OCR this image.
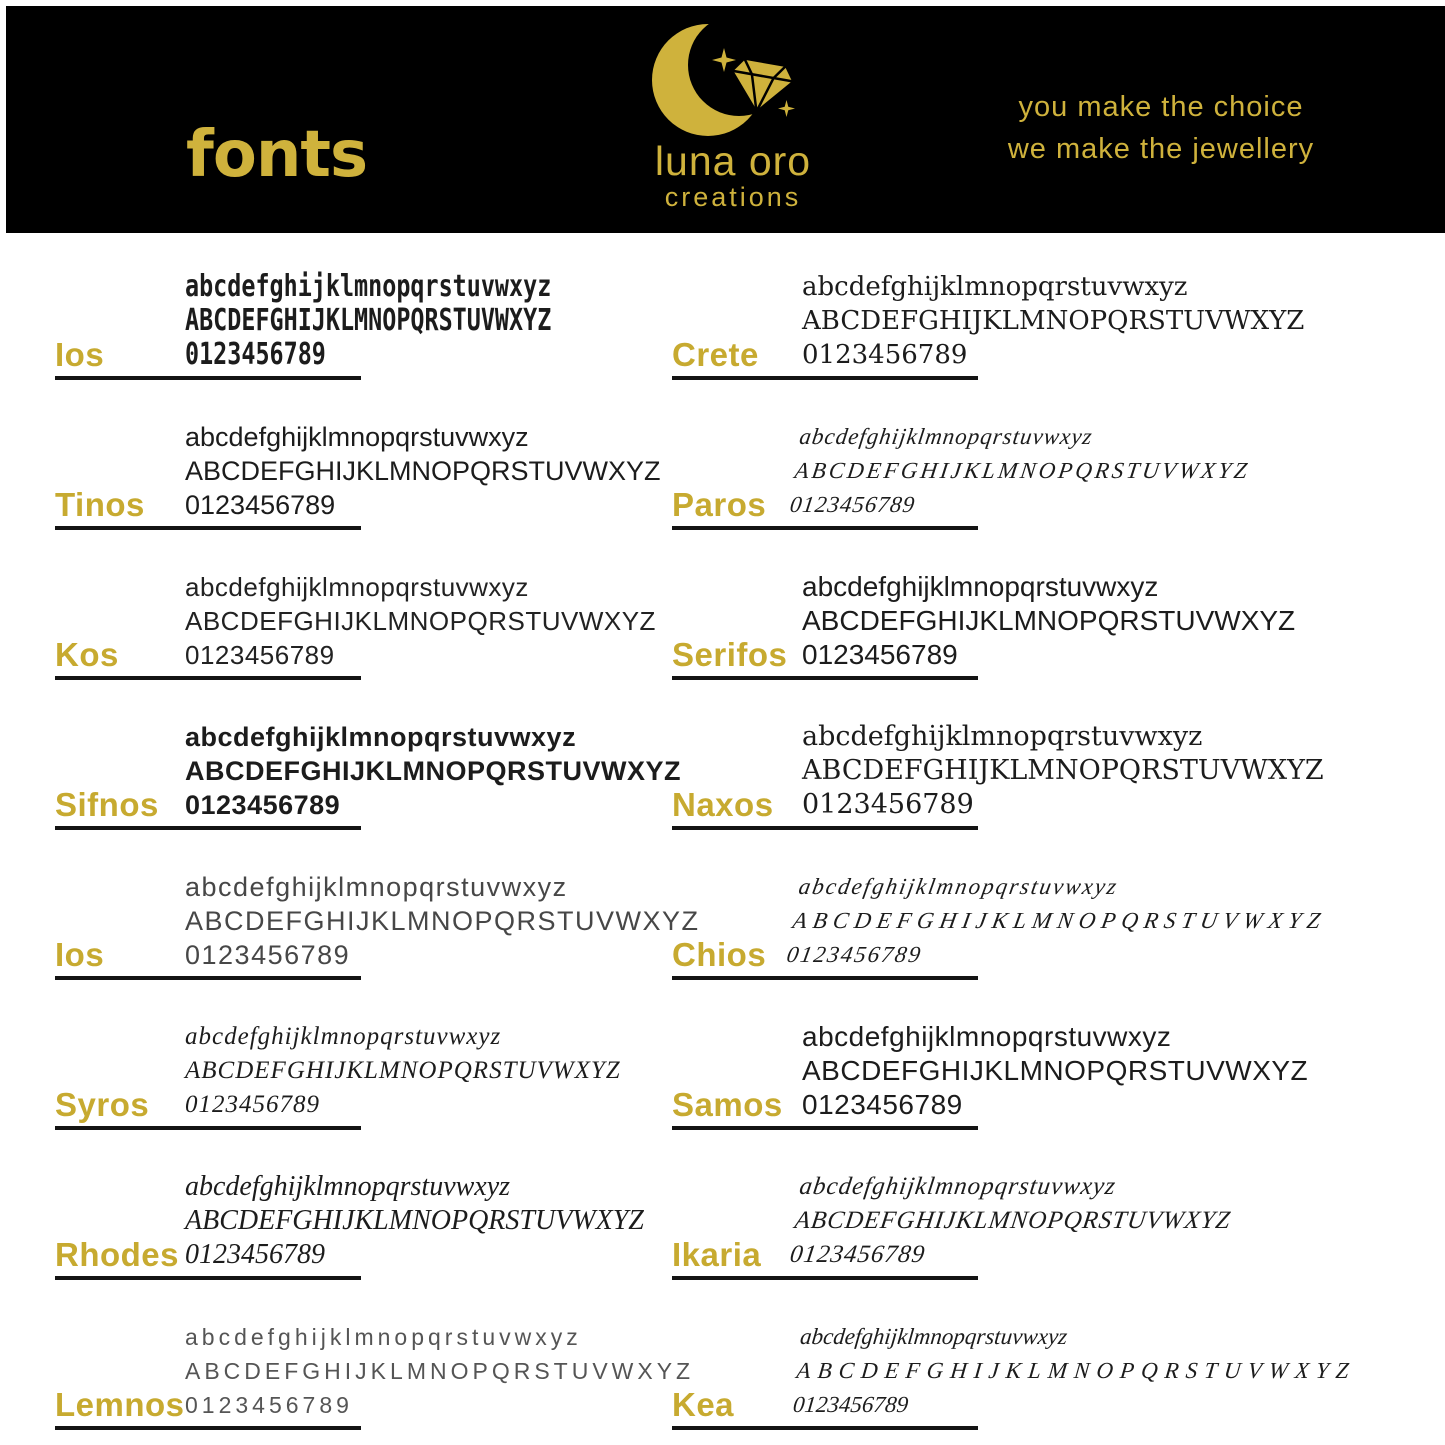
fonts	luna oro
creations
you make the choice
we make the jewellery
abcdefghijklmnopqrstuvwxyz
ABCDEFGHIJKLMNOPQRSTUVWXYZ
0123456789
Ios
abcdefghijklmnopqrstuvwxyz
ABCDEFGHIJKLMNOPQRSTUVWXYZ
0123456789
Tinos
abcdefghijklmnopqrstuvwxyz
ABCDEFGHIJKLMNOPQRSTUVWXYZ
0123456789
Kos
abcdefghijklmnopqrstuvwxyz
ABCDEFGHIJKLMNOPQRSTUVWXYZ
0123456789
Sifnos
abcdefghijklmnopqrstuvwxyz
ABCDEFGHIJKLMNOPQRSTUVWXYZ
0123456789
Ios
abcdefghijklmnopqrstuvwxyz
ABCDEFGHIJKLMNOPQRSTUVWXYZ
0123456789
Syros
abcdefghijklmnopqrstuvwxyz
ABCDEFGHIJKLMNOPQRSTUVWXYZ
0123456789
Rhodes
abcdefghijklmnopqrstuvwxyz
ABCDEFGHIJKLMNOPQRSTUVWXYZ
0123456789
Lemnos
abcdefghijklmnopqrstuvwxyz
ABCDEFGHIJKLMNOPQRSTUVWXYZ
0123456789
Crete
abcdefghijklmnopqrstuvwxyz
ABCDEFGHIJKLMNOPQRSTUVWXYZ
0123456789
Paros
abcdefghijklmnopqrstuvwxyz
ABCDEFGHIJKLMNOPQRSTUVWXYZ
0123456789
Serifos
abcdefghijklmnopqrstuvwxyz
ABCDEFGHIJKLMNOPQRSTUVWXYZ
0123456789
Naxos
abcdefghijklmnopqrstuvwxyz
ABCDEFGHIJKLMNOPQRSTUVWXYZ
0123456789
Chios
abcdefghijklmnopqrstuvwxyz
ABCDEFGHIJKLMNOPQRSTUVWXYZ
0123456789
Samos
abcdefghijklmnopqrstuvwxyz
ABCDEFGHIJKLMNOPQRSTUVWXYZ
0123456789
Ikaria
abcdefghijklmnopqrstuvwxyz
ABCDEFGHIJKLMNOPQRSTUVWXYZ
0123456789
Kea
